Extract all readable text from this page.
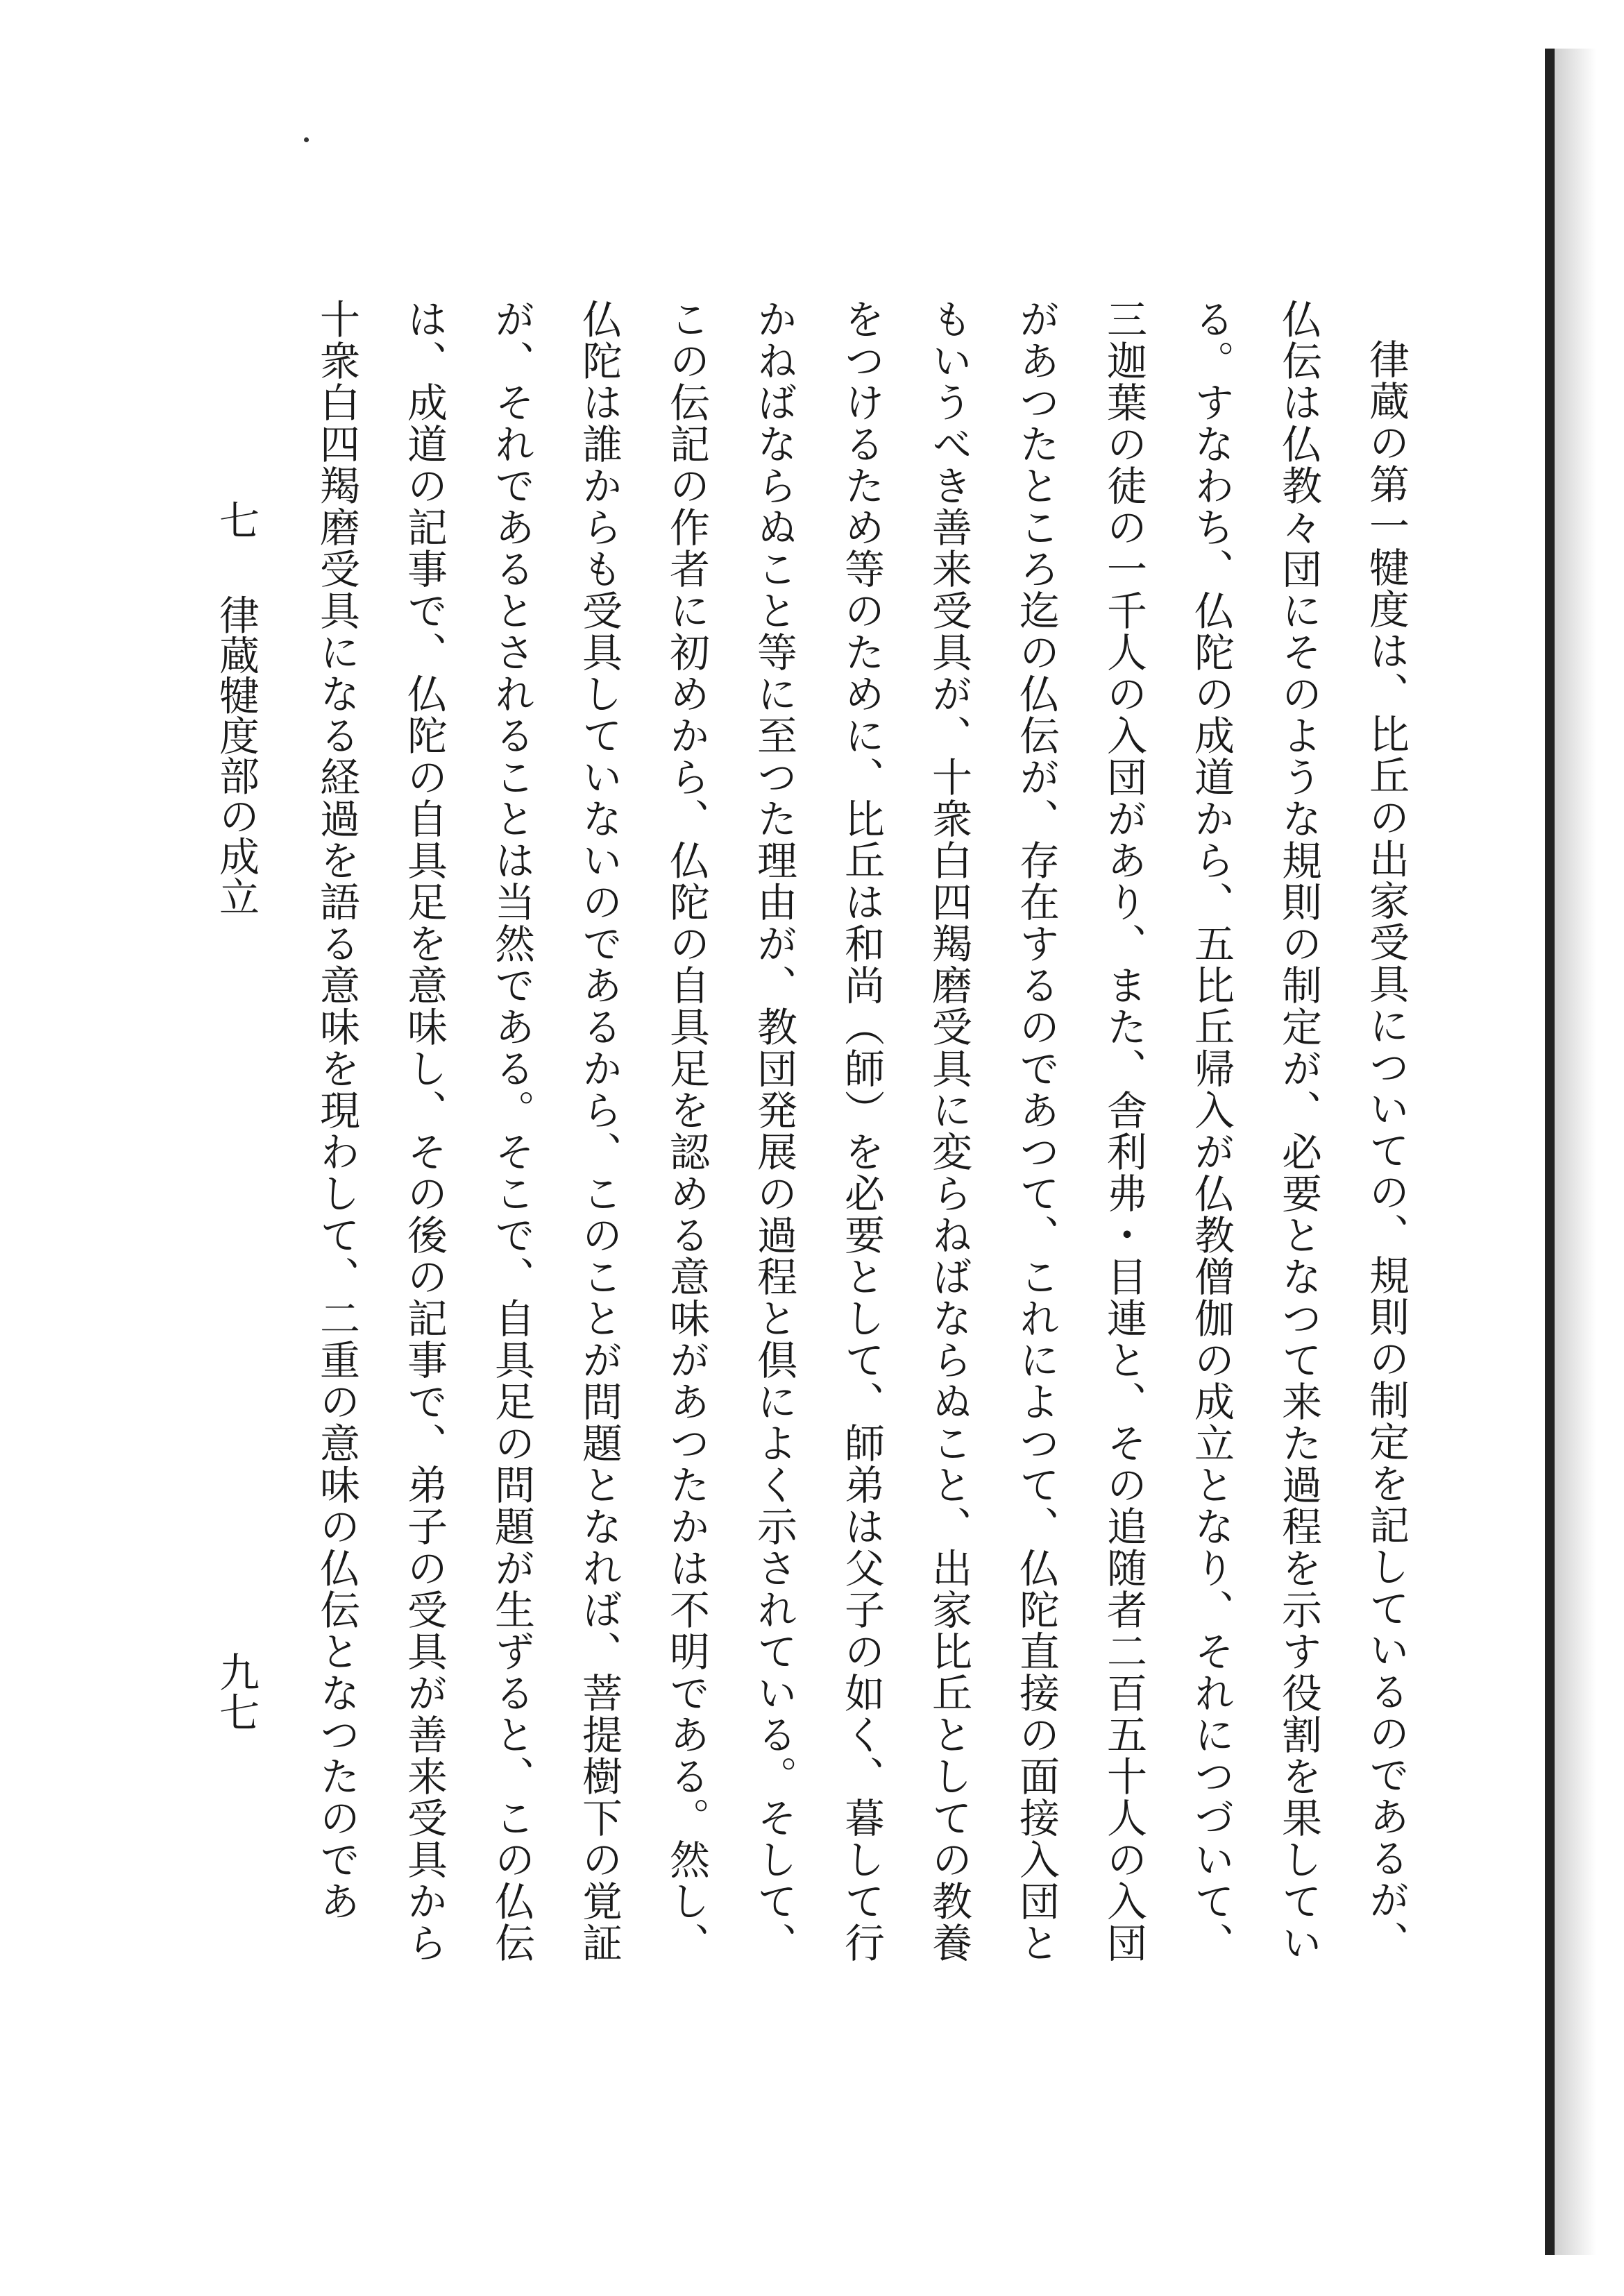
律蔵の第一犍度は、比丘の出家受具についての、規則の制定を記しているのであるが、仏伝は仏教々団にそのような規則の制定が、必要となつて来た過程を示す役割を果している。すなわち、仏陀の成道から、五比丘帰入が仏教僧伽の成立となり、それにつづいて、三迦葉の徒の一千人の入団があり、また、舎利弗・目連と、その追随者二百五十人の入団があつたところ迄の仏伝が、存在するのであつて、これによつて、仏陀直接の面接入団ともいうべき善来受具が、十衆白四羯磨受具に変らねばならぬこと、出家比丘としての教養をつけるため等のために、比丘は和尚（師）を必要として、師弟は父子の如く、暮して行かねばならぬこと等に至つた理由が、教団発展の過程と倶によく示されている。そして、この伝記の作者に初めから、仏陀の自具足を認める意味があつたかは不明である。然し、仏陀は誰からも受具していないのであるから、このことが問題となれば、菩提樹下の覚証が、それであるとされることは当然である。そこで、自具足の問題が生ずると、この仏伝は、成道の記事で、仏陀の自具足を意味し、その後の記事で、弟子の受具が善来受具から十衆白四羯磨受具になる経過を語る意味を現わして、二重の意味の仏伝となつたのであ

七 律蔵犍度部の成立
九七
